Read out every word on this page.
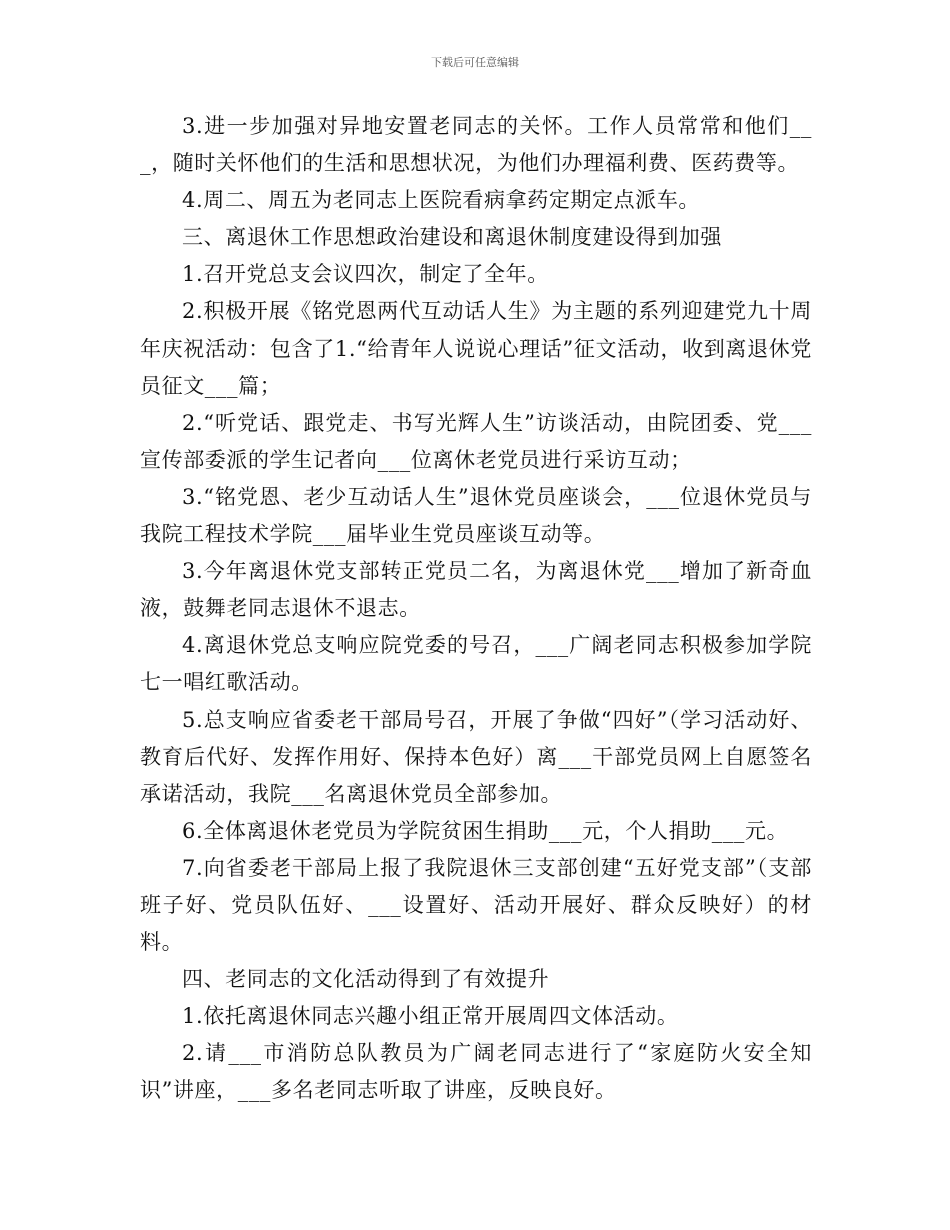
下载后可任意编辑

3.进一步加强对异地安置老同志的关怀。工作人员常常和他们___，随时关怀他们的生活和思想状况，为他们办理福利费、医药费等。

4.周二、周五为老同志上医院看病拿药定期定点派车。

三、离退休工作思想政治建设和离退休制度建设得到加强

1.召开党总支会议四次，制定了全年。

2.积极开展《铭党恩两代互动话人生》为主题的系列迎建党九十周年庆祝活动：包含了1.“给青年人说说心理话”征文活动，收到离退休党员征文___篇；

2.“听党话、跟党走、书写光辉人生”访谈活动，由院团委、党___宣传部委派的学生记者向___位离休老党员进行采访互动；

3.“铭党恩、老少互动话人生”退休党员座谈会，___位退休党员与我院工程技术学院___届毕业生党员座谈互动等。

3.今年离退休党支部转正党员二名，为离退休党___增加了新奇血液，鼓舞老同志退休不退志。

4.离退休党总支响应院党委的号召，___广阔老同志积极参加学院七一唱红歌活动。

5.总支响应省委老干部局号召，开展了争做“四好”（学习活动好、教育后代好、发挥作用好、保持本色好）离___干部党员网上自愿签名承诺活动，我院___名离退休党员全部参加。

6.全体离退休老党员为学院贫困生捐助___元，个人捐助___元。

7.向省委老干部局上报了我院退休三支部创建“五好党支部”（支部班子好、党员队伍好、___设置好、活动开展好、群众反映好）的材料。

四、老同志的文化活动得到了有效提升

1.依托离退休同志兴趣小组正常开展周四文体活动。

2.请___市消防总队教员为广阔老同志进行了“家庭防火安全知识”讲座，___多名老同志听取了讲座，反映良好。
